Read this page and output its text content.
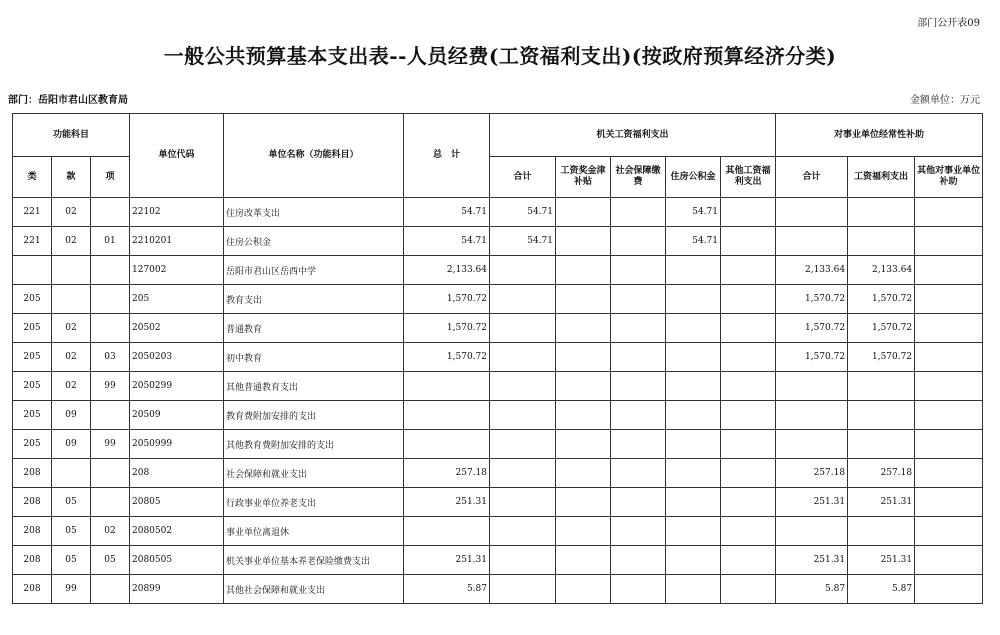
部门公开表09
一般公共预算基本支出表--人员经费(工资福利支出)(按政府预算经济分类)
部门：岳阳市君山区教育局	金额单位：万元
功能科目			单位代码	单位名称（功能科目）	总　计	机关工资福利支出					对事业单位经常性补助		
类	款	项				合计	工资奖金津补贴	社会保障缴费	住房公积金	其他工资福利支出	合计	工资福利支出	其他对事业单位补助
221	02		22102	住房改革支出	54.71	54.71			54.71				
221	02	01	2210201	住房公积金	54.71	54.71			54.71				
			127002	岳阳市君山区岳西中学	2,133.64						2,133.64	2,133.64	
205			205	教育支出	1,570.72						1,570.72	1,570.72	
205	02		20502	普通教育	1,570.72						1,570.72	1,570.72	
205	02	03	2050203	初中教育	1,570.72						1,570.72	1,570.72	
205	02	99	2050299	其他普通教育支出									
205	09		20509	教育费附加安排的支出									
205	09	99	2050999	其他教育费附加安排的支出									
208			208	社会保障和就业支出	257.18						257.18	257.18	
208	05		20805	行政事业单位养老支出	251.31						251.31	251.31	
208	05	02	2080502	事业单位离退休									
208	05	05	2080505	机关事业单位基本养老保险缴费支出	251.31						251.31	251.31	
208	99		20899	其他社会保障和就业支出	5.87						5.87	5.87	
